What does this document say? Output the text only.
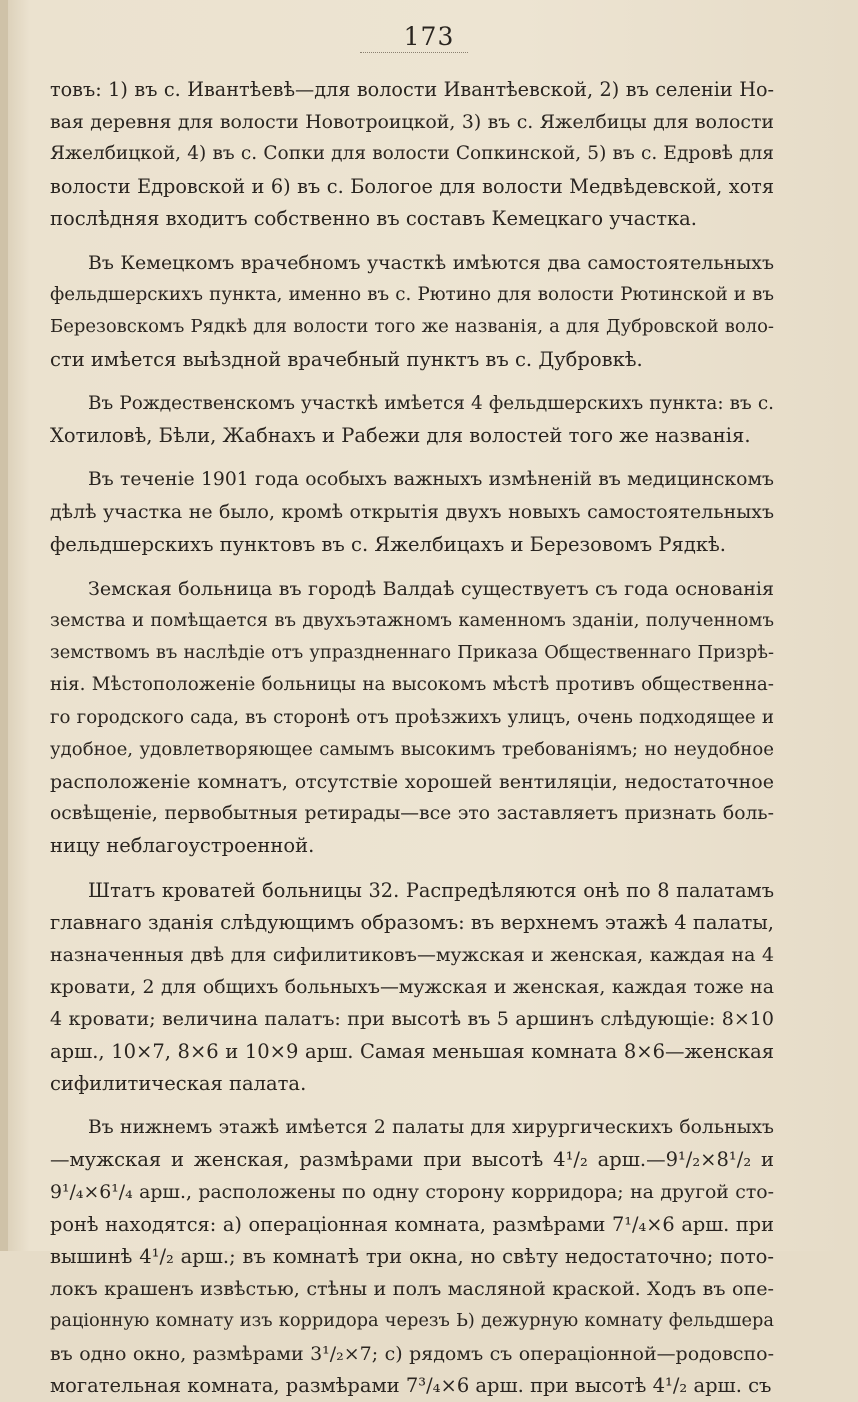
173

товъ: 1) въ с. Ивантѣевѣ—для волости Ивантѣевской, 2) въ селенiи Но-
вая деревня для волости Новотроицкой, 3) въ с. Яжелбицы для волости
Яжелбицкой, 4) въ с. Сопки для волости Сопкинской, 5) въ с. Едровѣ для
волости Едровской и 6) въ с. Бологое для волости Медвѣдевской, хотя
послѣдняя входитъ собственно въ составъ Кемецкаго участка.

Въ Кемецкомъ врачебномъ участкѣ имѣются два самостоятельныхъ
фельдшерскихъ пункта, именно въ с. Рютино для волости Рютинской и въ
Березовскомъ Рядкѣ для волости того же названiя, а для Дубровской воло-
сти имѣется выѣздной врачебный пунктъ въ с. Дубровкѣ.

Въ Рождественскомъ участкѣ имѣется 4 фельдшерскихъ пункта: въ с.
Хотиловѣ, Бѣли, Жабнахъ и Рабежи для волостей того же названiя.

Въ теченiе 1901 года особыхъ важныхъ измѣненiй въ медицинскомъ
дѣлѣ участка не было, кромѣ открытiя двухъ новыхъ самостоятельныхъ
фельдшерскихъ пунктовъ въ с. Яжелбицахъ и Березовомъ Рядкѣ.

Земская больница въ городѣ Валдаѣ существуетъ съ года основанiя
земства и помѣщается въ двухъэтажномъ каменномъ зданiи, полученномъ
земствомъ въ наслѣдiе отъ упраздненнаго Приказа Общественнаго Призрѣ-
нiя. Мѣстоположенiе больницы на высокомъ мѣстѣ противъ общественна-
го городского сада, въ сторонѣ отъ проѣзжихъ улицъ, очень подходящее и
удобное, удовлетворяющее самымъ высокимъ требованiямъ; но неудобное
расположенiе комнатъ, отсутствiе хорошей вентиляцiи, недостаточное
освѣщенiе, первобытныя ретирады—все это заставляетъ признать боль-
ницу неблагоустроенной.

Штатъ кроватей больницы 32. Распредѣляются онѣ по 8 палатамъ
главнаго зданiя слѣдующимъ образомъ: въ верхнемъ этажѣ 4 палаты,
назначенныя двѣ для сифилитиковъ—мужская и женская, каждая на 4
кровати, 2 для общихъ больныхъ—мужская и женская, каждая тоже на
4 кровати; величина палатъ: при высотѣ въ 5 аршинъ слѣдующiе: 8×10
арш., 10×7, 8×6 и 10×9 арш. Самая меньшая комната 8×6—женская
сифилитическая палата.

Въ нижнемъ этажѣ имѣется 2 палаты для хирургическихъ больныхъ
—мужская и женская, размѣрами при высотѣ 4¹/₂ арш.—9¹/₂×8¹/₂ и
9¹/₄×6¹/₄ арш., расположены по одну сторону корридора; на другой сто-
ронѣ находятся: а) операцiонная комната, размѣрами 7¹/₄×6 арш. при
вышинѣ 4¹/₂ арш.; въ комнатѣ три окна, но свѣту недостаточно; пото-
локъ крашенъ извѣстью, стѣны и полъ масляной краской. Ходъ въ опе-
рацiонную комнату изъ корридора черезъ Ь) дежурную комнату фельдшера
въ одно окно, размѣрами 3¹/₂×7; с) рядомъ съ операцiонной—родовспо-
могательная комната, размѣрами 7³/₄×6 арш. при высотѣ 4¹/₂ арш. съ
